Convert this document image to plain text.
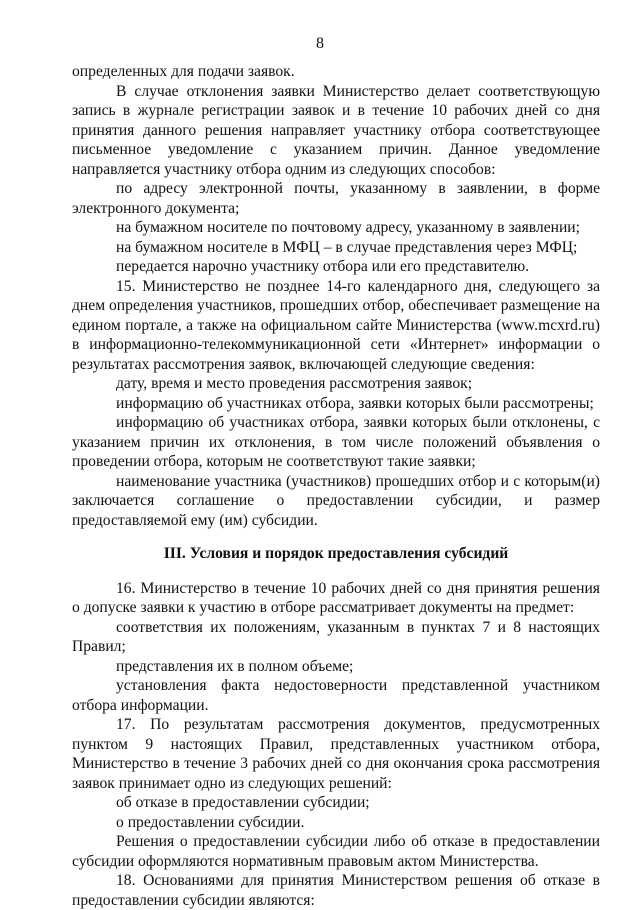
8

определенных для подачи заявок.

В случае отклонения заявки Министерство делает соответствующую запись в журнале регистрации заявок и в течение 10 рабочих дней со дня принятия данного решения направляет участнику отбора соответствующее письменное уведомление с указанием причин. Данное уведомление направляется участнику отбора одним из следующих способов:

по адресу электронной почты, указанному в заявлении, в форме электронного документа;

на бумажном носителе по почтовому адресу, указанному в заявлении;

на бумажном носителе в МФЦ – в случае представления через МФЦ;

передается нарочно участнику отбора или его представителю.

15. Министерство не позднее 14-го календарного дня, следующего за днем определения участников, прошедших отбор, обеспечивает размещение на едином портале, а также на официальном сайте Министерства (www.mcxrd.ru) в информационно-телекоммуникационной сети «Интернет» информации о результатах рассмотрения заявок, включающей следующие сведения:

дату, время и место проведения рассмотрения заявок;

информацию об участниках отбора, заявки которых были рассмотрены;

информацию об участниках отбора, заявки которых были отклонены, с указанием причин их отклонения, в том числе положений объявления о проведении отбора, которым не соответствуют такие заявки;

наименование участника (участников) прошедших отбор и с которым(и) заключается соглашение о предоставлении субсидии, и размер предоставляемой ему (им) субсидии.

III. Условия и порядок предоставления субсидий

16. Министерство в течение 10 рабочих дней со дня принятия решения о допуске заявки к участию в отборе рассматривает документы на предмет:

соответствия их положениям, указанным в пунктах 7 и 8 настоящих Правил;

представления их в полном объеме;

установления факта недостоверности представленной участником отбора информации.

17. По результатам рассмотрения документов, предусмотренных пунктом 9 настоящих Правил, представленных участником отбора, Министерство в течение 3 рабочих дней со дня окончания срока рассмотрения заявок принимает одно из следующих решений:

об отказе в предоставлении субсидии;

о предоставлении субсидии.

Решения о предоставлении субсидии либо об отказе в предоставлении субсидии оформляются нормативным правовым актом Министерства.

18. Основаниями для принятия Министерством решения об отказе в предоставлении субсидии являются:
